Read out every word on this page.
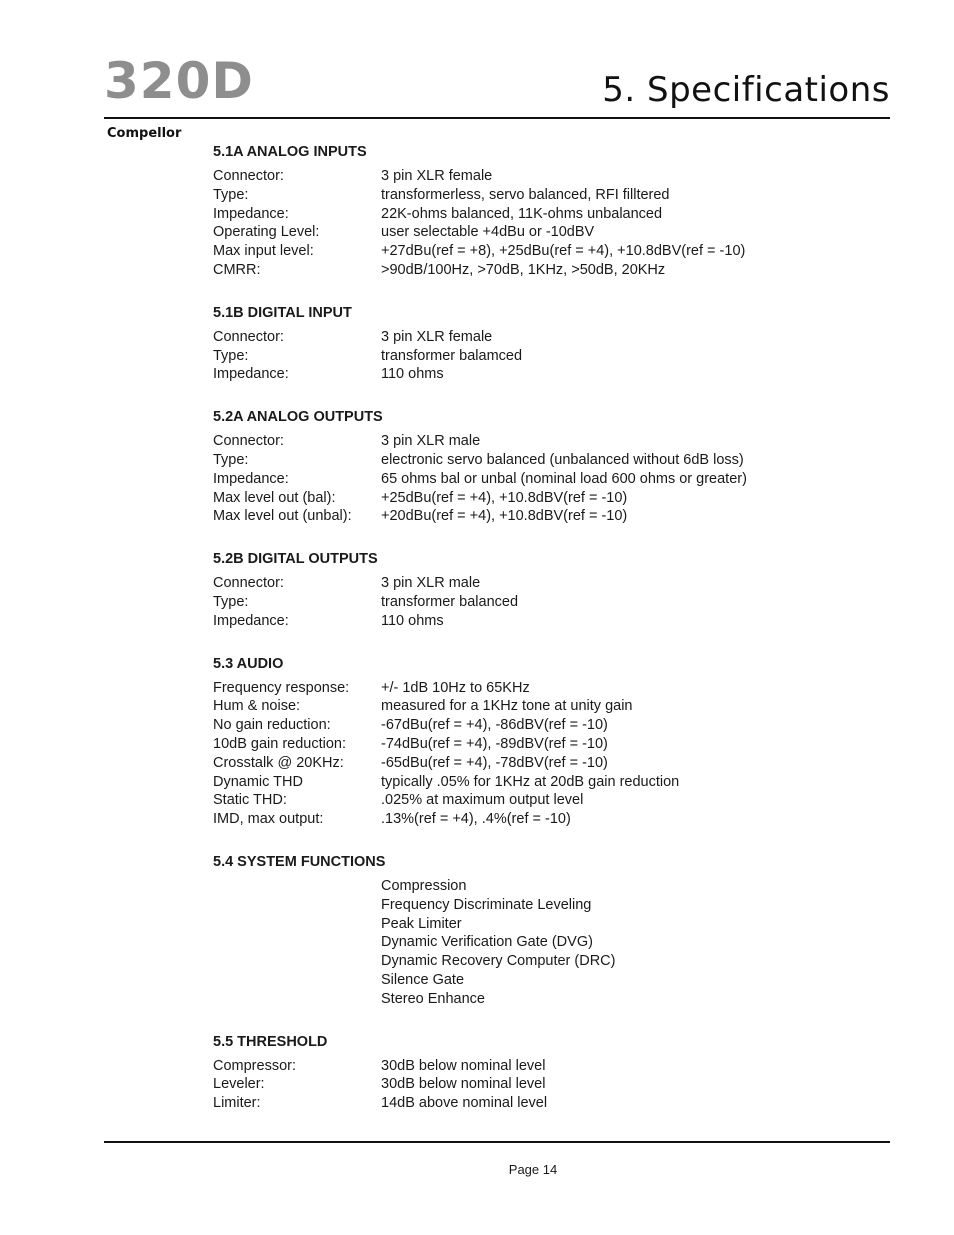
320D	5. Specifications
Compellor
5.1A ANALOG INPUTS
Connector:	3 pin XLR female
Type:	transformerless, servo balanced, RFI filltered
Impedance:	22K-ohms balanced, 11K-ohms unbalanced
Operating Level:	user selectable +4dBu or -10dBV
Max input level:	+27dBu(ref = +8), +25dBu(ref = +4), +10.8dBV(ref = -10)
CMRR:	>90dB/100Hz, >70dB, 1KHz, >50dB, 20KHz
5.1B DIGITAL INPUT
Connector:	3 pin XLR female
Type:	transformer balamced
Impedance:	110 ohms
5.2A ANALOG OUTPUTS
Connector:	3 pin XLR male
Type:	electronic servo balanced (unbalanced without 6dB loss)
Impedance:	65 ohms bal or unbal (nominal load 600 ohms or greater)
Max level out (bal):	+25dBu(ref = +4), +10.8dBV(ref = -10)
Max level out (unbal):	+20dBu(ref = +4), +10.8dBV(ref = -10)
5.2B DIGITAL OUTPUTS
Connector:	3 pin XLR male
Type:	transformer balanced
Impedance:	110 ohms
5.3 AUDIO
Frequency response:	+/- 1dB 10Hz to 65KHz
Hum & noise:	measured for a 1KHz tone at unity gain
No gain reduction:	-67dBu(ref = +4), -86dBV(ref = -10)
10dB gain reduction:	-74dBu(ref = +4), -89dBV(ref = -10)
Crosstalk @ 20KHz:	-65dBu(ref = +4), -78dBV(ref = -10)
Dynamic THD	typically .05% for 1KHz at 20dB gain reduction
Static THD:	.025% at maximum output level
IMD, max output:	.13%(ref = +4), .4%(ref = -10)
5.4 SYSTEM FUNCTIONS
Compression
Frequency Discriminate Leveling
Peak Limiter
Dynamic Verification Gate (DVG)
Dynamic Recovery Computer (DRC)
Silence Gate
Stereo Enhance
5.5 THRESHOLD
Compressor:	30dB below nominal level
Leveler:	30dB below nominal level
Limiter:	14dB above nominal level
Page 14
